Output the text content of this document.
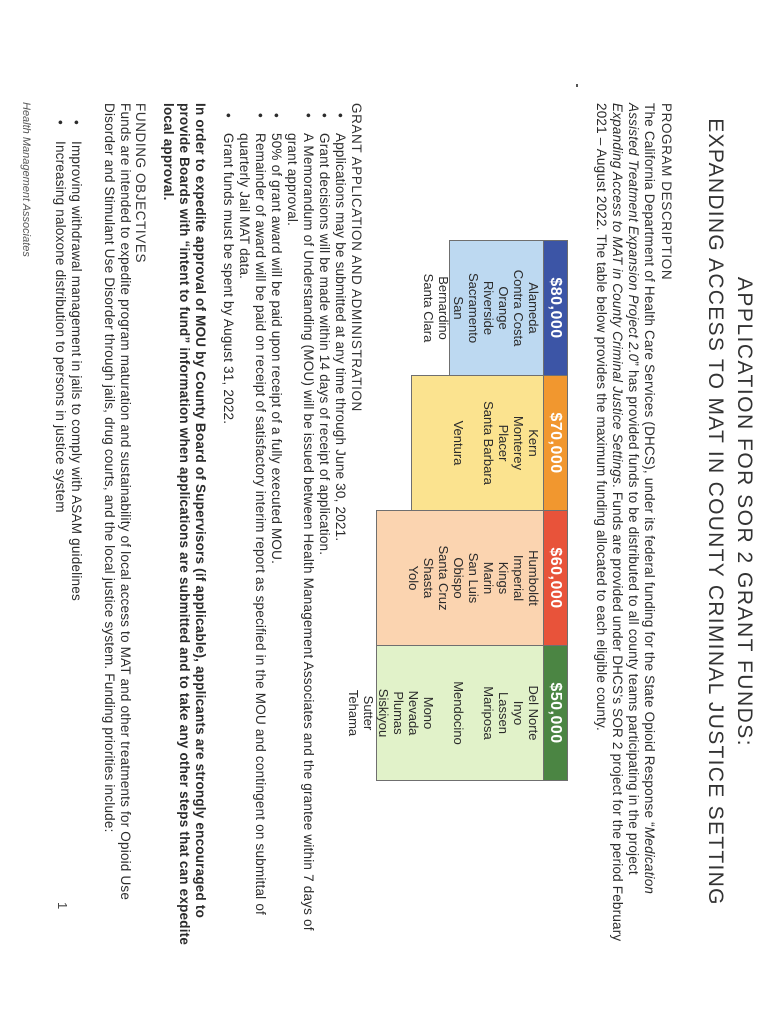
APPLICATION FOR SOR 2 GRANT FUNDS:
EXPANDING ACCESS TO MAT IN COUNTY CRIMINAL JUSTICE SETTING
PROGRAM DESCRIPTION
The California Department of Health Care Services (DHCS), under its federal funding for the State Opioid Response “Medication Assisted Treatment Expansion Project 2.0” has provided funds to be distributed to all county teams participating in the project Expanding Access to MAT in County Criminal Justice Settings. Funds are provided under DHCS’s SOR 2 project for the period February 2021 – August 2022. The table below provides the maximum funding allocated to each eligible county.
$80,000
Alameda
Contra Costa
Orange
Riverside
Sacramento
San
Bernardino
Santa Clara
$70,000
Kern
Monterey
Placer
Santa Barbara
Ventura
$60,000
Humboldt
Imperial
Kings
Marin
San Luis
Obispo
Santa Cruz
Shasta
Yolo
$50,000
Del Norte
Inyo
Lassen
Mariposa
Mendocino
Mono
Nevada
Plumas
Siskiyou
Sutter
Tehama
GRANT APPLICATION AND ADMINISTRATION
• Applications may be submitted at any time through June 30, 2021.
• Grant decisions will be made within 14 days of receipt of application.
• A Memorandum of Understanding (MOU) will be issued between Health Management Associates and the grantee within 7 days of grant approval.
• 50% of grant award will be paid upon receipt of a fully executed MOU.
• Remainder of award will be paid on receipt of satisfactory interim report as specified in the MOU and contingent on submittal of quarterly Jail MAT data.
• Grant funds must be spent by August 31, 2022.
In order to expedite approval of MOU by County Board of Supervisors (if applicable), applicants are strongly encouraged to provide Boards with “intent to fund” information when applications are submitted and to take any other steps that can expedite local approval.
FUNDING OBJECTIVES
Funds are intended to expedite program maturation and sustainability of local access to MAT and other treatments for Opioid Use Disorder and Stimulant Use Disorder through jails, drug courts, and the local justice system. Funding priorities include:
• Improving withdrawal management in jails to comply with ASAM guidelines
• Increasing naloxone distribution to persons in justice system
Health Management Associates
1
